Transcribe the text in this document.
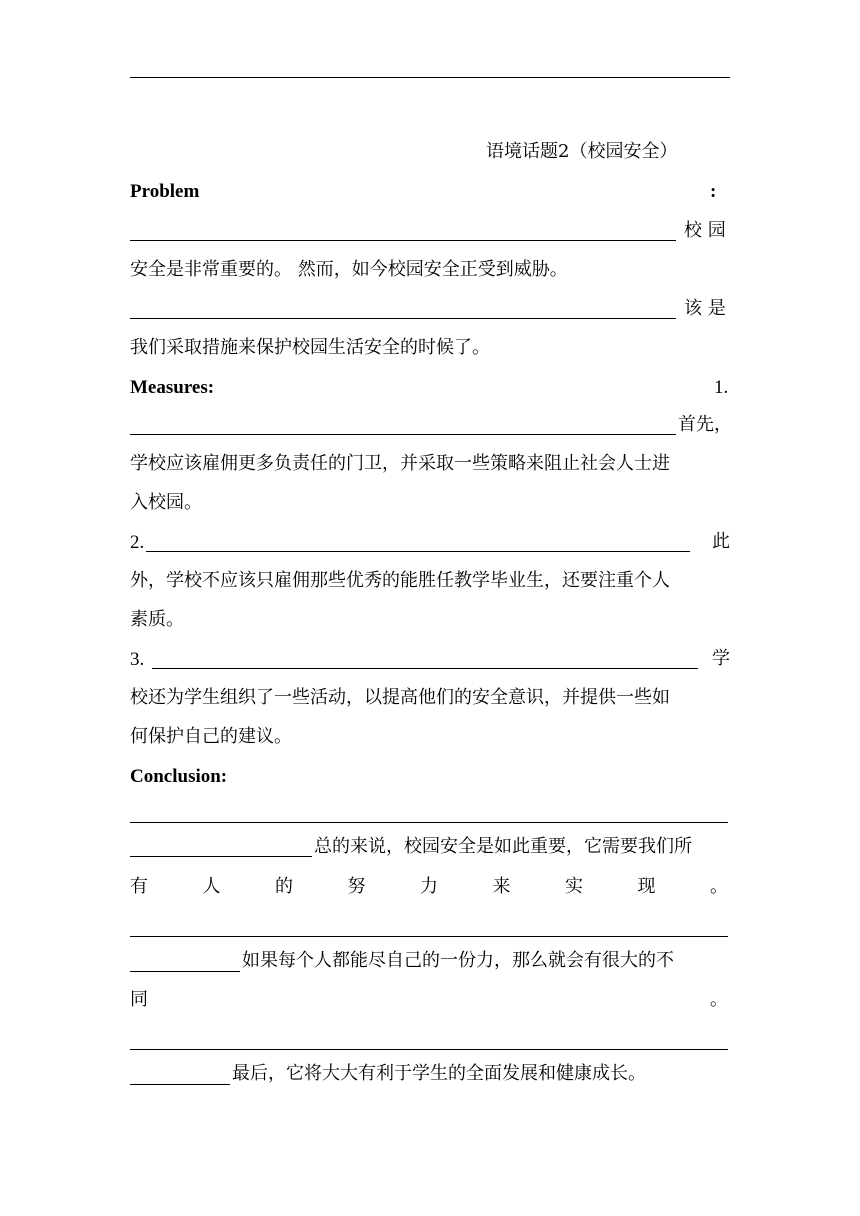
语境话题2（校园安全）
Problem	:
校 园
安全是非常重要的。 然而，如今校园安全正受到威胁。
该 是
我们采取措施来保护校园生活安全的时候了。
Measures:	1.
首先，
学校应该雇佣更多负责任的门卫，并采取一些策略来阻止社会人士进
入校园。
2.	此
外，学校不应该只雇佣那些优秀的能胜任教学毕业生，还要注重个人
素质。
3.	学
校还为学生组织了一些活动，以提高他们的安全意识，并提供一些如
何保护自己的建议。
Conclusion:
总的来说，校园安全是如此重要，它需要我们所
有	人	的	努	力	来	实	现	。
如果每个人都能尽自己的一份力，那么就会有很大的不
同	。
最后，它将大大有利于学生的全面发展和健康成长。
